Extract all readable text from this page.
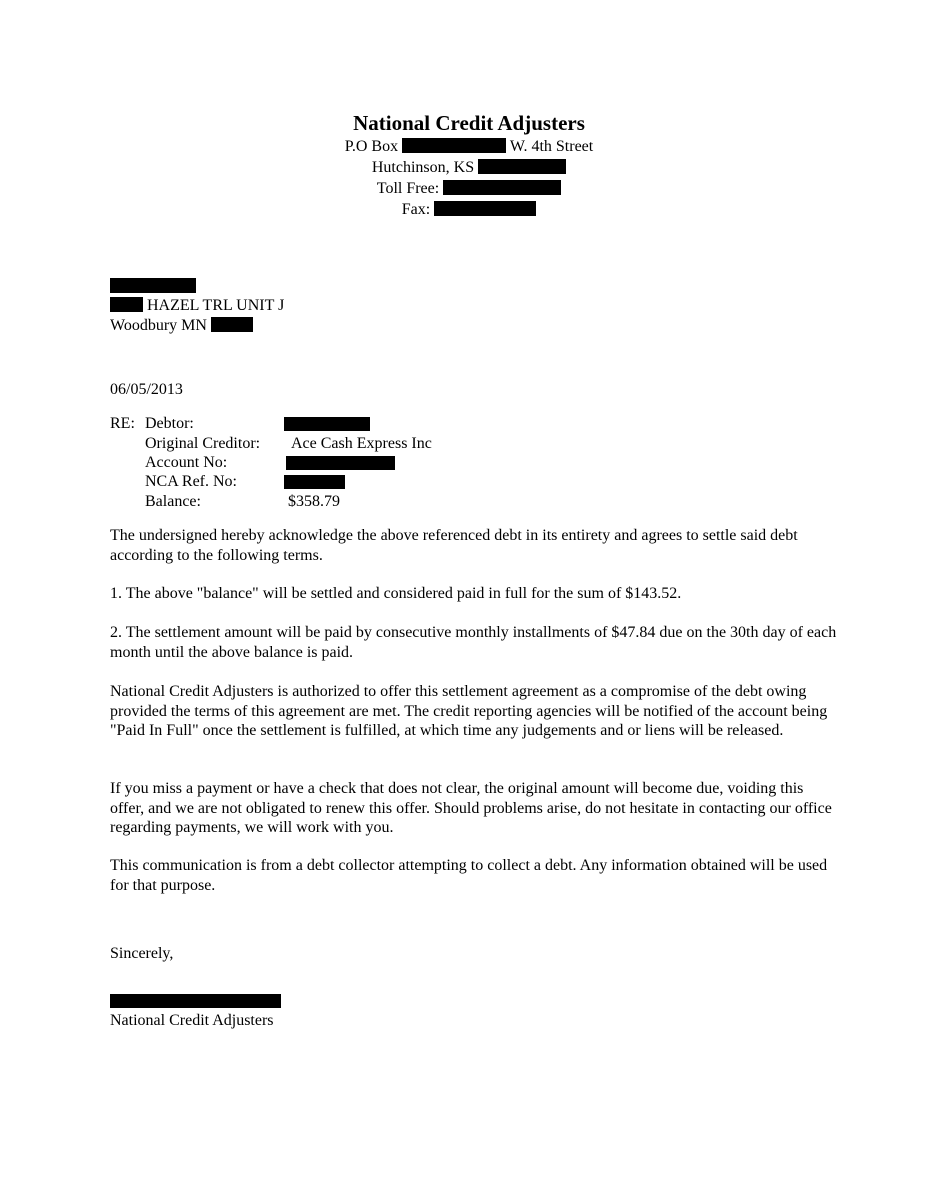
National Credit Adjusters
P.O Box	W. 4th Street
Hutchinson, KS
Toll Free:
Fax:
HAZEL TRL UNIT J
Woodbury MN
06/05/2013
RE: Debtor:
Original Creditor: Ace Cash Express Inc
Account No:
NCA Ref. No:
Balance:	$358.79
The undersigned hereby acknowledge the above referenced debt in its entirety and agrees to settle said debt according to the following terms.
1. The above "balance" will be settled and considered paid in full for the sum of $143.52.
2. The settlement amount will be paid by consecutive monthly installments of $47.84 due on the 30th day of each month until the above balance is paid.
National Credit Adjusters is authorized to offer this settlement agreement as a compromise of the debt owing provided the terms of this agreement are met. The credit reporting agencies will be notified of the account being "Paid In Full" once the settlement is fulfilled, at which time any judgements and or liens will be released.
If you miss a payment or have a check that does not clear, the original amount will become due, voiding this offer, and we are not obligated to renew this offer. Should problems arise, do not hesitate in contacting our office regarding payments, we will work with you.
This communication is from a debt collector attempting to collect a debt. Any information obtained will be used for that purpose.
Sincerely,
National Credit Adjusters
